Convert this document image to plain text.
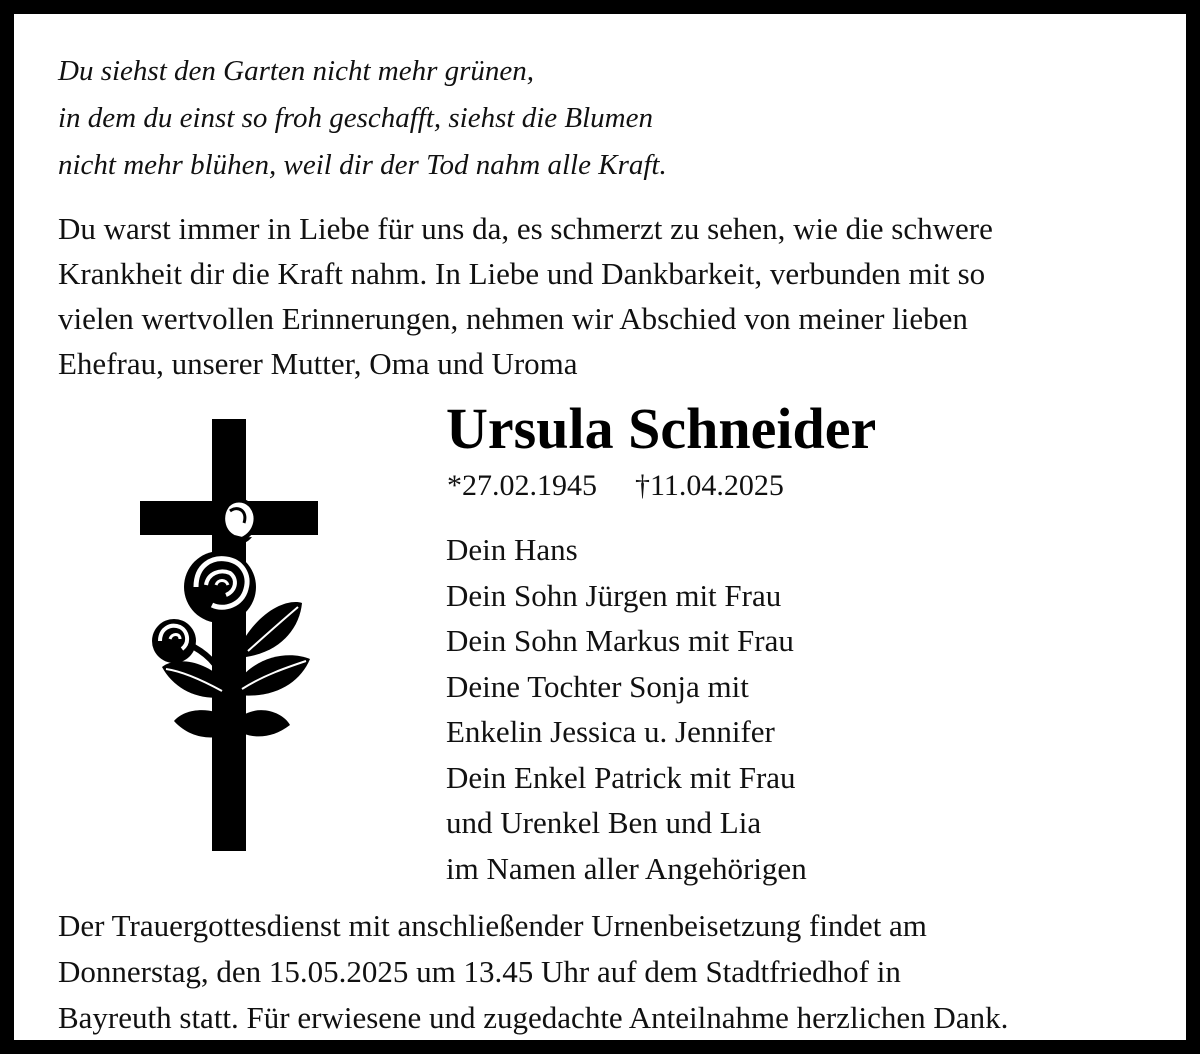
Du siehst den Garten nicht mehr grünen,
in dem du einst so froh geschafft, siehst die Blumen
nicht mehr blühen, weil dir der Tod nahm alle Kraft.
Du warst immer in Liebe für uns da, es schmerzt zu sehen, wie die schwere
Krankheit dir die Kraft nahm. In Liebe und Dankbarkeit, verbunden mit so
vielen wertvollen Erinnerungen, nehmen wir Abschied von meiner lieben
Ehefrau, unserer Mutter, Oma und Uroma
Ursula Schneider
*27.02.1945 †11.04.2025
Dein Hans
Dein Sohn Jürgen mit Frau
Dein Sohn Markus mit Frau
Deine Tochter Sonja mit
Enkelin Jessica u. Jennifer
Dein Enkel Patrick mit Frau
und Urenkel Ben und Lia
im Namen aller Angehörigen
Der Trauergottesdienst mit anschließender Urnenbeisetzung findet am
Donnerstag, den 15.05.2025 um 13.45 Uhr auf dem Stadtfriedhof in
Bayreuth statt. Für erwiesene und zugedachte Anteilnahme herzlichen Dank.
